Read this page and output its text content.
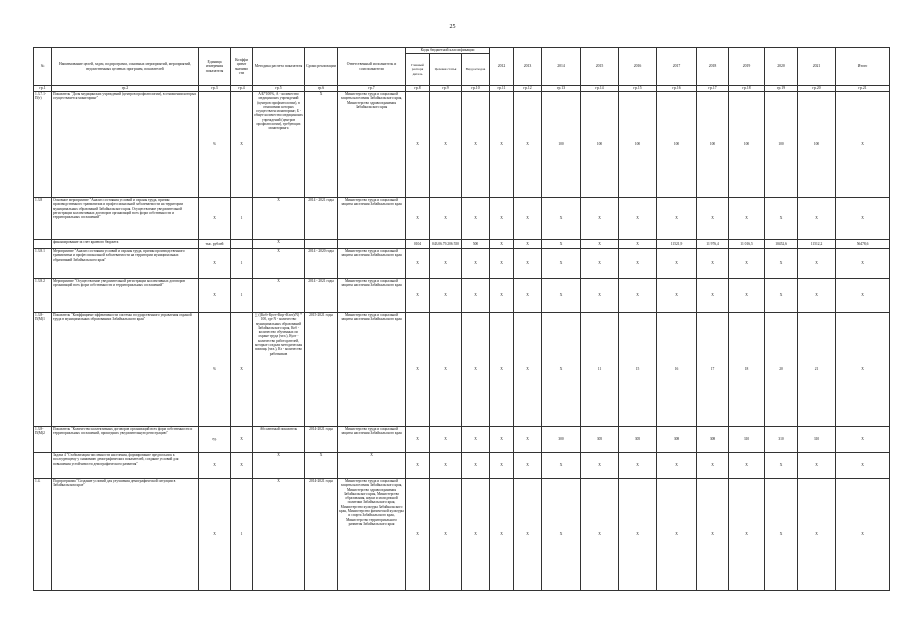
25
№	Наименование целей, задач, подпрограмм, основных мероприятий, мероприятий, ведомственных целевых программ, показателей	Единица измерения показателя	Коэффи циент значимо сти	Методика расчета показателя	Сроки реализации	Ответственный исполнитель и соисполнители	Коды бюджетной классификации			2012	2013	2014	2015	2016	2017	2018	2019	2020	2021	Итого
							Главный распоря дитель	Целевая статья	Вид расходов											
гр.1	гр.2	гр.3	гр.4	гр.5	гр.6	гр.7	гр.8	гр.9	гр.10	гр.11	гр.12	гр.13	гр.14	гр.15	гр.16	гр.17	гр.18	гр.19	гр.20	гр.21
1.3.7.1-П(т)	Показатель "Доля медицинских учреждений (центров профпатологии), в отношении которых осуществляется мониторинг"	%	X	А/Б*100%, А - количество медицинских учреждений (центров профпатологии), в отношении которых осуществлен мониторинг; Б - общее количество медицинских учреждений (центров профпатологии), требующих мониторинга	X	Министерство труда и социальной защиты населения Забайкальского края, Министерство здравоохранения Забайкальского края	X	X	X	X	X	100	100	100	100	100	100	100	100	X
1.3.8	Основное мероприятие "Анализ состояния условий и охраны труда, причин производственного травматизма и профессиональной заболеваемости на территории муниципальных образований Забайкальского края. Осуществление уведомительной регистрации коллективных договоров организаций всех форм собственности и территориальных соглашений"	X	1	X	2014 - 2021 годы	Министерство труда и социальной защиты населения Забайкальского края	X	X	X	X	X	X	X	X	X	X	X	X	X	X
	финансирование за счет краевого бюджета	тыс. рублей		X			0104	043.06.79.206 550	500	X	X	X	X	X	11521,9	11 976,4	11 016,5	10452,6	11512,2	56478,6
1.3.8.1	Мероприятие "Анализ состояния условий и охраны труда, причин производственного травматизма и профессиональной заболеваемости на территории муниципальных образований Забайкальского края"	X	1	X	2014 - 2020 годы	Министерство труда и социальной защиты населения Забайкальского края	X	X	X	X	X	X	X	X	X	X	X	X	X	X
1.3.8.2	Мероприятие "Осуществление уведомительной регистрации коллективных договоров организаций всех форм собственности и территориальных соглашений"	X	1	X	2014 - 2021 годы	Министерство труда и социальной защиты населения Забайкальского края	X	X	X	X	X	X	X	X	X	X	X	X	X	X
1.3.8-П(М)1	Показатель "Коэффициент эффективности системы государственного управления охраной труда в муниципальных образованиях Забайкальского края"	%	X	∑ ((Коб+Куот+Кпр+Кзот)/N) * 100, где N - количество муниципальных образований Забайкальского края, Коб - количество обученных по охране труда (чел.), Куот - количество работодателей, которые создали методическая помощь (чел.), Кз - количество работников	2015-2021 годы	Министерство труда и социальной защиты населения Забайкальского края	X	X	X	X	X	X	11	15	16	17	18	20	21	X
1.3.8-П(М)2	Показатель "Количество коллективных договоров организаций всех форм собственности и территориальных соглашений, прошедших уведомительную регистрацию"	ед.	X	Абсолютный показатель	2014-2021 годы	Министерство труда и социальной защиты населения Забайкальского края	X	X	X	X	X	300	305	305	308	308	310	310	310	X
	Задача 4 "Стабилизация численности населения, формирование предпосылок к последующему у снижению демографических показателей, создание условий для повышения устойчивости демографического развития"	X	X	X	X	X	X	X	X	X	X	X	X	X	X	X	X	X	X	X
1.4.	Подпрограмма "Создание условий для улучшения демографической ситуации в Забайкальском крае"	X	1	X	2014-2021 годы	Министерство труда и социальной защиты населения Забайкальского края, Министерство здравоохранения Забайкальского края, Министерство образования, науки и молодежной политики Забайкальского края, Министерство культуры Забайкальского края, Министерство физической культуры и спорта Забайкальского края, Министерство территориального развития Забайкальского края	X	X	X	X	X	X	X	X	X	X	X	X	X	X
